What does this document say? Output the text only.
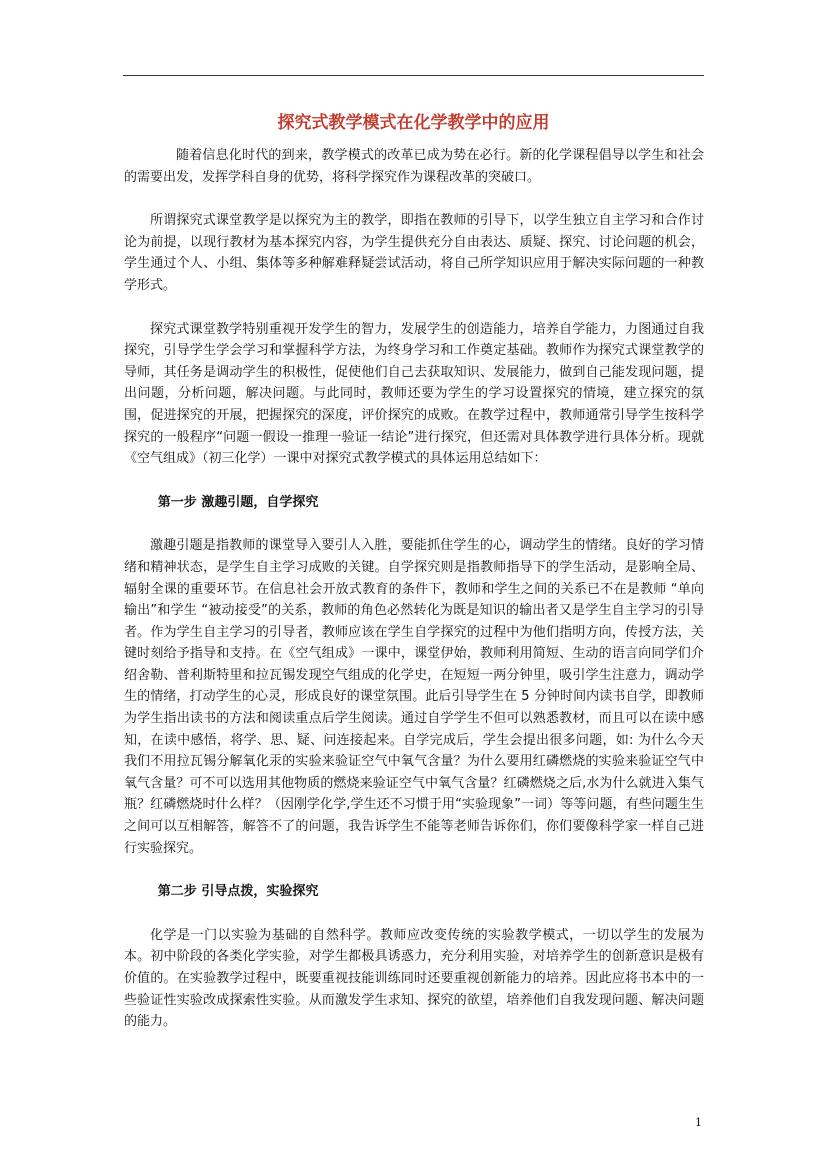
探究式教学模式在化学教学中的应用

随着信息化时代的到来，教学模式的改革已成为势在必行。新的化学课程倡导以学生和社会的需要出发，发挥学科自身的优势，将科学探究作为课程改革的突破口。

所谓探究式课堂教学是以探究为主的教学，即指在教师的引导下，以学生独立自主学习和合作讨论为前提，以现行教材为基本探究内容，为学生提供充分自由表达、质疑、探究、讨论问题的机会，学生通过个人、小组、集体等多种解难释疑尝试活动，将自己所学知识应用于解决实际问题的一种教学形式。

探究式课堂教学特别重视开发学生的智力，发展学生的创造能力，培养自学能力，力图通过自我探究，引导学生学会学习和掌握科学方法，为终身学习和工作奠定基础。教师作为探究式课堂教学的导师，其任务是调动学生的积极性，促使他们自己去获取知识、发展能力，做到自己能发现问题，提出问题，分析问题，解决问题。与此同时，教师还要为学生的学习设置探究的情境，建立探究的氛围，促进探究的开展，把握探究的深度，评价探究的成败。在教学过程中，教师通常引导学生按科学探究的一般程序“问题一假设一推理一验证一结论”进行探究，但还需对具体教学进行具体分析。现就《空气组成》（初三化学）一课中对探究式教学模式的具体运用总结如下：

第一步 激趣引题，自学探究

激趣引题是指教师的课堂导入要引人入胜，要能抓住学生的心，调动学生的情绪。良好的学习情绪和精神状态，是学生自主学习成败的关键。自学探究则是指教师指导下的学生活动，是影响全局、辐射全课的重要环节。在信息社会开放式教育的条件下，教师和学生之间的关系已不在是教师 “单向输出”和学生 “被动接受”的关系，教师的角色必然转化为既是知识的输出者又是学生自主学习的引导者。作为学生自主学习的引导者，教师应该在学生自学探究的过程中为他们指明方向，传授方法，关键时刻给予指导和支持。在《空气组成》一课中，课堂伊始，教师利用简短、生动的语言向同学们介绍舍勒、普利斯特里和拉瓦锡发现空气组成的化学史，在短短一两分钟里，吸引学生注意力，调动学生的情绪，打动学生的心灵，形成良好的课堂氛围。此后引导学生在 5 分钟时间内读书自学，即教师为学生指出读书的方法和阅读重点后学生阅读。通过自学学生不但可以熟悉教材，而且可以在读中感知，在读中感悟，将学、思、疑、问连接起来。自学完成后，学生会提出很多问题，如: 为什么今天我们不用拉瓦锡分解氧化汞的实验来验证空气中氧气含量？为什么要用红磷燃烧的实验来验证空气中氧气含量？可不可以选用其他物质的燃烧来验证空气中氧气含量？红磷燃烧之后,水为什么就进入集气瓶？红磷燃烧时什么样？（因刚学化学,学生还不习惯于用“实验现象”一词）等等问题，有些问题生生之间可以互相解答，解答不了的问题，我告诉学生不能等老师告诉你们，你们要像科学家一样自己进行实验探究。

第二步 引导点拨，实验探究

化学是一门以实验为基础的自然科学。教师应改变传统的实验教学模式，一切以学生的发展为本。初中阶段的各类化学实验，对学生都极具诱惑力，充分利用实验，对培养学生的创新意识是极有价值的。在实验教学过程中，既要重视技能训练同时还要重视创新能力的培养。因此应将书本中的一些验证性实验改成探索性实验。从而激发学生求知、探究的欲望，培养他们自我发现问题、解决问题的能力。

1
